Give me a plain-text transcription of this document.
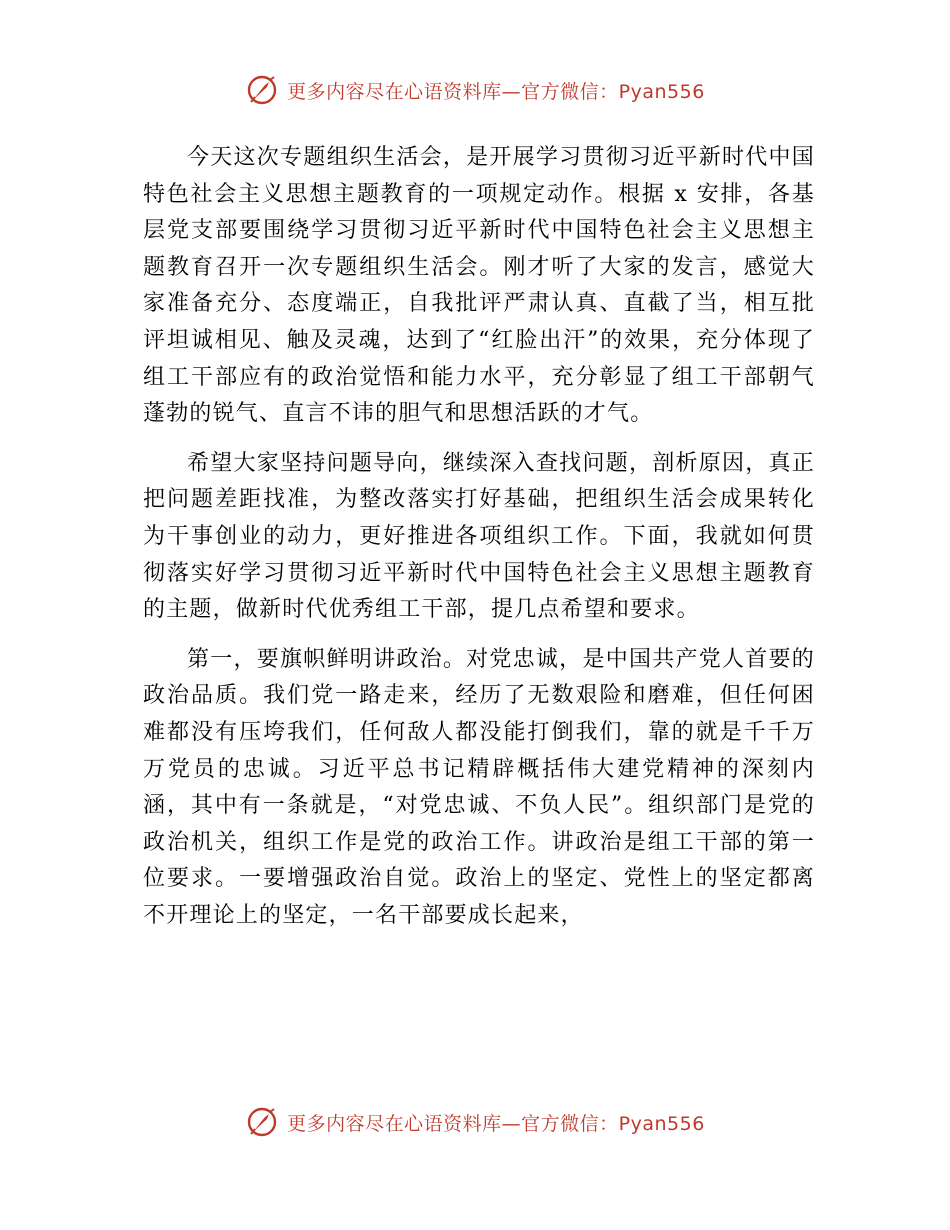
更多内容尽在心语资料库—官方微信：Pyan556

今天这次专题组织生活会，是开展学习贯彻习近平新时代中国特色社会主义思想主题教育的一项规定动作。根据 x 安排，各基层党支部要围绕学习贯彻习近平新时代中国特色社会主义思想主题教育召开一次专题组织生活会。刚才听了大家的发言，感觉大家准备充分、态度端正，自我批评严肃认真、直截了当，相互批评坦诚相见、触及灵魂，达到了“红脸出汗”的效果，充分体现了组工干部应有的政治觉悟和能力水平，充分彰显了组工干部朝气蓬勃的锐气、直言不讳的胆气和思想活跃的才气。

希望大家坚持问题导向，继续深入查找问题，剖析原因，真正把问题差距找准，为整改落实打好基础，把组织生活会成果转化为干事创业的动力，更好推进各项组织工作。下面，我就如何贯彻落实好学习贯彻习近平新时代中国特色社会主义思想主题教育的主题，做新时代优秀组工干部，提几点希望和要求。

第一，要旗帜鲜明讲政治。对党忠诚，是中国共产党人首要的政治品质。我们党一路走来，经历了无数艰险和磨难，但任何困难都没有压垮我们，任何敌人都没能打倒我们，靠的就是千千万万党员的忠诚。习近平总书记精辟概括伟大建党精神的深刻内涵，其中有一条就是，“对党忠诚、不负人民”。组织部门是党的政治机关，组织工作是党的政治工作。讲政治是组工干部的第一位要求。一要增强政治自觉。政治上的坚定、党性上的坚定都离不开理论上的坚定，一名干部要成长起来，

更多内容尽在心语资料库—官方微信：Pyan556
